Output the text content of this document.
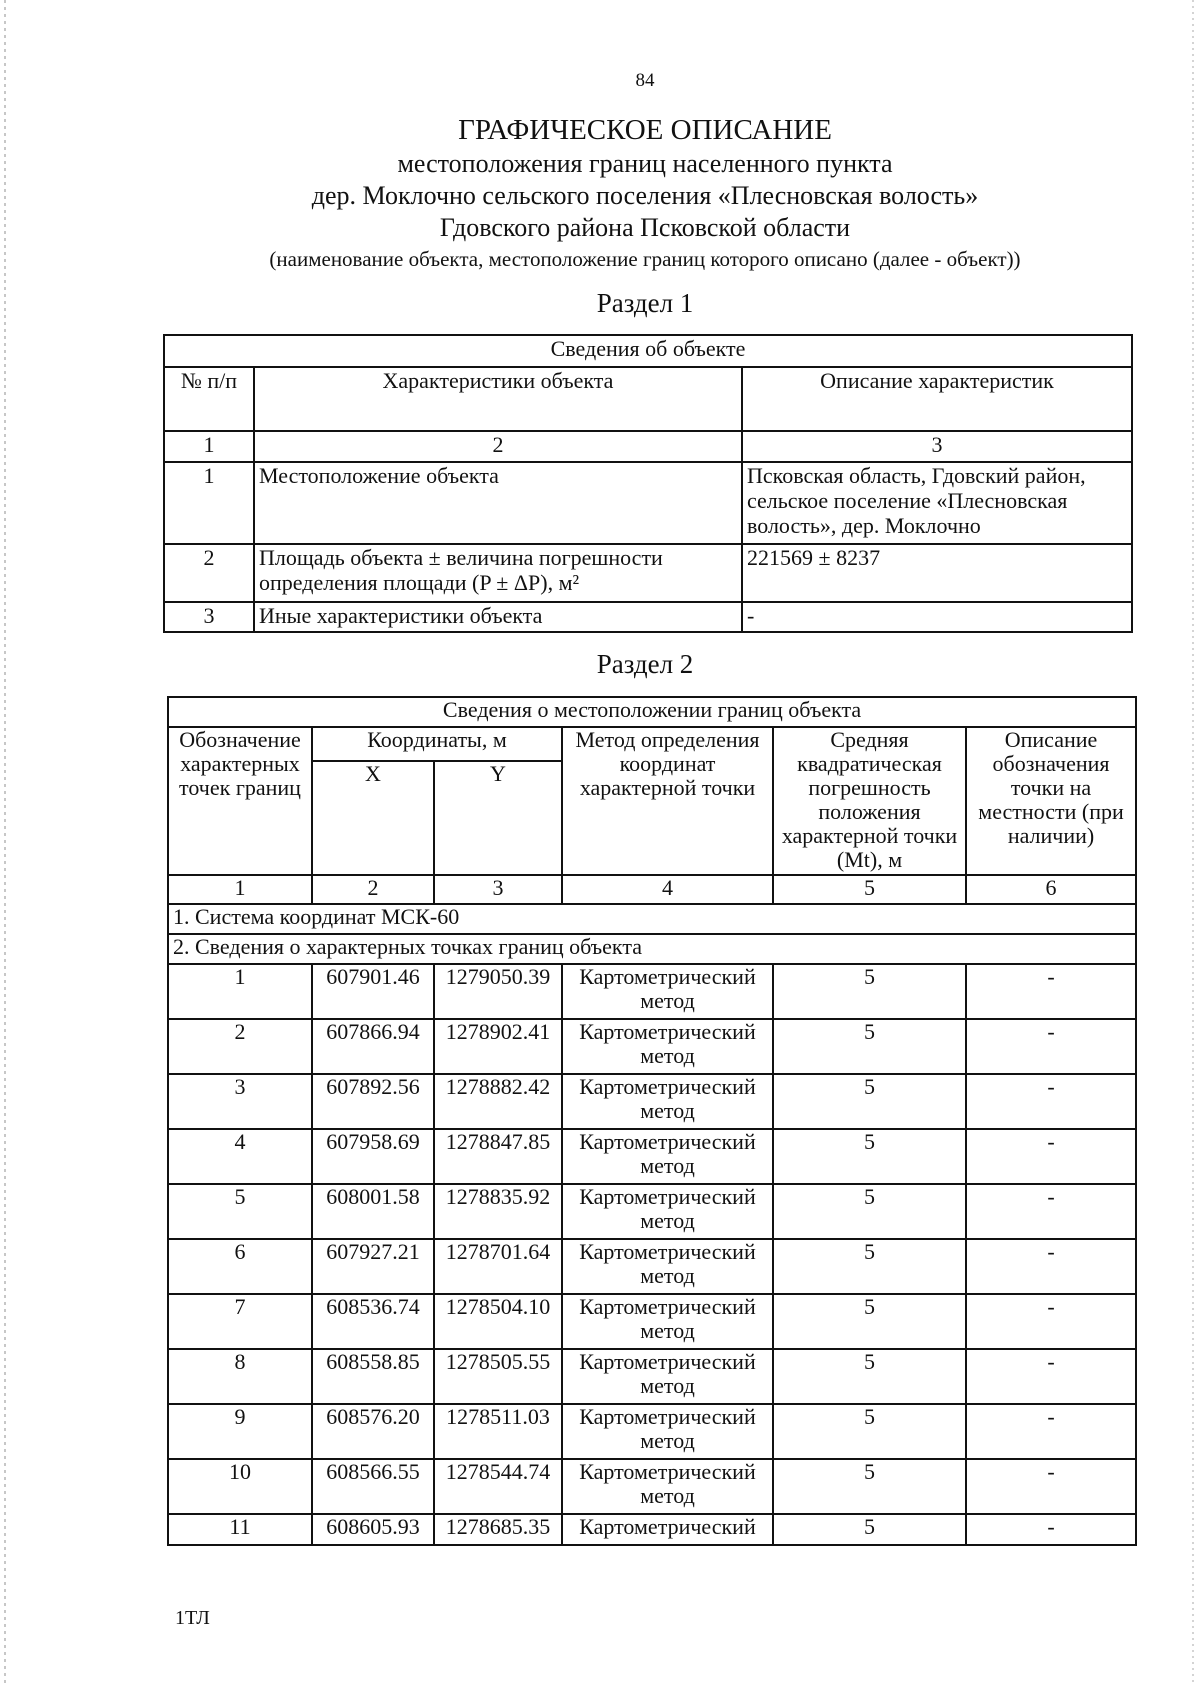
84
ГРАФИЧЕСКОЕ ОПИСАНИЕ
местоположения границ населенного пункта
дер. Моклочно сельского поселения «Плесновская волость»
Гдовского района Псковской области
(наименование объекта, местоположение границ которого описано (далее - объект))
Раздел 1
Сведения об объекте		
№ п/п	Характеристики объекта	Описание характеристик
1	2	3
1	Местоположение объекта	Псковская область, Гдовский район, сельское поселение «Плесновская волость», дер. Моклочно
2	Площадь объекта ± величина погрешности определения площади (P ± ΔP), м²	221569 ± 8237
3	Иные характеристики объекта	-
Раздел 2
Сведения о местоположении границ объекта					
Обозначение характерных точек границ	Координаты, м		Метод определения координат характерной точки	Средняя квадратическая погрешность положения характерной точки (Mt), м	Описание обозначения точки на местности (при наличии)
	X	Y			
1	2	3	4	5	6
1. Система координат МСК-60					
2. Сведения о характерных точках границ объекта					
1	607901.46	1279050.39	Картометрический метод	5	-
2	607866.94	1278902.41	Картометрический метод	5	-
3	607892.56	1278882.42	Картометрический метод	5	-
4	607958.69	1278847.85	Картометрический метод	5	-
5	608001.58	1278835.92	Картометрический метод	5	-
6	607927.21	1278701.64	Картометрический метод	5	-
7	608536.74	1278504.10	Картометрический метод	5	-
8	608558.85	1278505.55	Картометрический метод	5	-
9	608576.20	1278511.03	Картометрический метод	5	-
10	608566.55	1278544.74	Картометрический метод	5	-
11	608605.93	1278685.35	Картометрический	5	-
1ТЛ
